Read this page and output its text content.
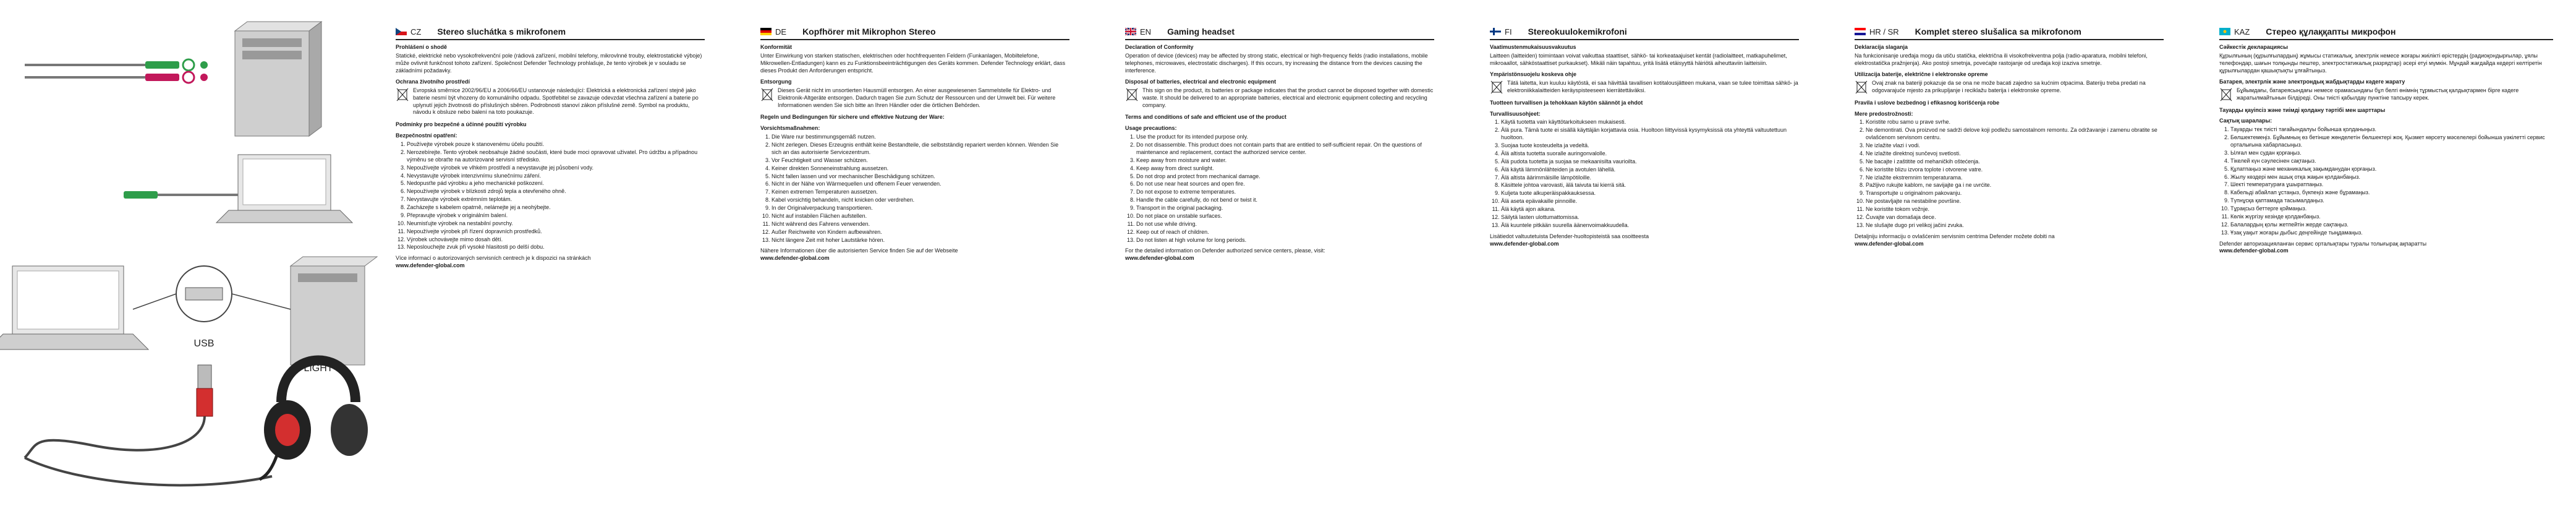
USB
LIGHT
CZ Stereo sluchátka s mikrofonem
Prohlášení o shodě
Statické, elektrické nebo vysokofrekvenční pole (rádiová zařízení, mobilní telefony, mikrovlnné trouby, elektrostatické výboje) může ovlivnit funkčnost tohoto zařízení. Společnost Defender Technology prohlašuje, že tento výrobek je v souladu se základními požadavky.
Ochrana životního prostředí
Evropská směrnice 2002/96/EU a 2006/66/EU ustanovuje následující: Elektrická a elektronická zařízení stejně jako baterie nesmí být vhozeny do komunálního odpadu. Spotřebitel se zavazuje odevzdat všechna zařízení a baterie po uplynutí jejich životnosti do příslušných sběren. Podrobnosti stanoví zákon příslušné země. Symbol na produktu, návodu k obsluze nebo balení na toto poukazuje.
Podmínky pro bezpečné a účinné použití výrobku
Bezpečnostní opatření:
1. Používejte výrobek pouze k stanovenému účelu použití.
2. Nerozebírejte. Tento výrobek neobsahuje žádné součásti, které bude moci opravovat uživatel. Pro údržbu a případnou výměnu se obraťte na autorizované servisní středisko.
3. Nepoužívejte výrobek ve vlhkém prostředí a nevystavujte jej působení vody.
4. Nevystavujte výrobek intenzivnímu slunečnímu záření.
5. Nedopusťte pád výrobku a jeho mechanické poškození.
6. Nepoužívejte výrobek v blízkosti zdrojů tepla a otevřeného ohně.
7. Nevystavujte výrobek extrémním teplotám.
8. Zacházejte s kabelem opatrně, nelámejte jej a neohýbejte.
9. Přepravujte výrobek v originálním balení.
10. Neumisťujte výrobek na nestabilní povrchy.
11. Nepoužívejte výrobek při řízení dopravních prostředků.
12. Výrobek uchovávejte mimo dosah dětí.
13. Neposlouchejte zvuk při vysoké hlasitosti po delší dobu.
Více informací o autorizovaných servisních centrech je k dispozici na stránkách
www.defender-global.com
DE Kopfhörer mit Mikrophon Stereo
Konformität
Unter Einwirkung von starken statischen, elektrischen oder hochfrequenten Feldern (Funkanlagen, Mobiltelefone, Mikrowellen-Entladungen) kann es zu Funktionsbeeinträchtigungen des Geräts kommen. Defender Technology erklärt, dass dieses Produkt den Anforderungen entspricht.
Entsorgung
Dieses Gerät nicht im unsortierten Hausmüll entsorgen. An einer ausgewiesenen Sammelstelle für Elektro- und Elektronik-Altgeräte entsorgen. Dadurch tragen Sie zum Schutz der Ressourcen und der Umwelt bei. Für weitere Informationen wenden Sie sich bitte an Ihren Händler oder die örtlichen Behörden.
Regeln und Bedingungen für sichere und effektive Nutzung der Ware:
Vorsichtsmaßnahmen:
1. Die Ware nur bestimmungsgemäß nutzen.
2. Nicht zerlegen. Dieses Erzeugnis enthält keine Bestandteile, die selbstständig repariert werden können. Wenden Sie sich an das autorisierte Servicezentrum.
3. Vor Feuchtigkeit und Wasser schützen.
4. Keiner direkten Sonneneinstrahlung aussetzen.
5. Nicht fallen lassen und vor mechanischer Beschädigung schützen.
6. Nicht in der Nähe von Wärmequellen und offenem Feuer verwenden.
7. Keinen extremen Temperaturen aussetzen.
8. Kabel vorsichtig behandeln, nicht knicken oder verdrehen.
9. In der Originalverpackung transportieren.
10. Nicht auf instabilen Flächen aufstellen.
11. Nicht während des Fahrens verwenden.
12. Außer Reichweite von Kindern aufbewahren.
13. Nicht längere Zeit mit hoher Lautstärke hören.
Nähere Informationen über die autorisierten Service finden Sie auf der Webseite
www.defender-global.com
EN Gaming headset
Declaration of Conformity
Operation of device (devices) may be affected by strong static, electrical or high-frequency fields (radio installations, mobile telephones, microwaves, electrostatic discharges). If this occurs, try increasing the distance from the devices causing the interference.
Disposal of batteries, electrical and electronic equipment
This sign on the product, its batteries or package indicates that the product cannot be disposed together with domestic waste. It should be delivered to an appropriate batteries, electrical and electronic equipment collecting and recycling company.
Terms and conditions of safe and efficient use of the product
Usage precautions:
1. Use the product for its intended purpose only.
2. Do not disassemble. This product does not contain parts that are entitled to self-sufficient repair. On the questions of maintenance and replacement, contact the authorized service center.
3. Keep away from moisture and water.
4. Keep away from direct sunlight.
5. Do not drop and protect from mechanical damage.
6. Do not use near heat sources and open fire.
7. Do not expose to extreme temperatures.
8. Handle the cable carefully, do not bend or twist it.
9. Transport in the original packaging.
10. Do not place on unstable surfaces.
11. Do not use while driving.
12. Keep out of reach of children.
13. Do not listen at high volume for long periods.
For the detailed information on Defender authorized service centers, please, visit:
www.defender-global.com
FI Stereokuulokemikrofoni
Vaatimustenmukaisuusvakuutus
Laitteen (laitteiden) toimintaan voivat vaikuttaa staattiset, sähkö- tai korkeataajuiset kentät (radiolaitteet, matkapuhelimet, mikroaallot, sähköstaattiset purkaukset). Mikäli näin tapahtuu, yritä lisätä etäisyyttä häiriötä aiheuttaviin laitteisiin.
Ympäristönsuojelu koskeva ohje
Tätä laitetta, kun kuuluu käytöstä, ei saa hävittää tavallisen kotitalousjätteen mukana, vaan se tulee toimittaa sähkö- ja elektroniikkalaitteiden keräyspisteeseen kierrätettäväksi.
Tuotteen turvallisen ja tehokkaan käytön säännöt ja ehdot
Turvallisuusohjeet:
1. Käytä tuotetta vain käyttötarkoitukseen mukaisesti.
2. Älä pura. Tämä tuote ei sisällä käyttäjän korjattavia osia. Huoltoon liittyvissä kysymyksissä ota yhteyttä valtuutettuun huoltoon.
3. Suojaa tuote kosteudelta ja vedeltä.
4. Älä altista tuotetta suoralle auringonvalolle.
5. Älä pudota tuotetta ja suojaa se mekaanisilta vaurioilta.
6. Älä käytä lämmönlähteiden ja avotulen lähellä.
7. Älä altista äärimmäisille lämpötiloille.
8. Käsittele johtoa varovasti, älä taivuta tai kierrä sitä.
9. Kuljeta tuote alkuperäispakkauksessa.
10. Älä aseta epävakaille pinnoille.
11. Älä käytä ajon aikana.
12. Säilytä lasten ulottumattomissa.
13. Älä kuuntele pitkään suurella äänenvoimakkuudella.
Lisätiedot valtuutetuista Defender-huoltopisteistä saa osoitteesta
www.defender-global.com
HR / SR Komplet stereo slušalica sa mikrofonom
Deklaracija slaganja
Na funkcionisanje uređaja mogu da utiču statička, električna ili visokofrekventna polja (radio-aparatura, mobilni telefoni, elektrostatička pražnjenja). Ako postoji smetnja, povećajte rastojanje od uređaja koji izaziva smetnje.
Utilizacija baterije, električne i elektronske opreme
Ovaj znak na bateriji pokazuje da se ona ne može bacati zajedno sa kućnim otpacima. Bateriju treba predati na odgovarajuće mjesto za prikupljanje i reciklažu baterija i elektronske opreme.
Pravila i uslove bezbednog i efikasnog korišćenja robe
Mere predostrožnosti:
1. Koristite robu samo u prave svrhe.
2. Ne demontirati. Ova proizvod ne sadrži delove koji podležu samostalnom remontu. Za održavanje i zamenu obratite se ovlašćenom servisnom centru.
3. Ne izlažite vlazi i vodi.
4. Ne izlažite direktnoj sunčevoj svetlosti.
5. Ne bacajte i zaštitite od mehaničkih oštećenja.
6. Ne koristite blizu izvora toplote i otvorene vatre.
7. Ne izlažite ekstremnim temperaturama.
8. Pažljivo rukujte kablom, ne savijajte ga i ne uvrćite.
9. Transportujte u originalnom pakovanju.
10. Ne postavljajte na nestabilne površine.
11. Ne koristite tokom vožnje.
12. Čuvajte van domašaja dece.
13. Ne slušajte dugo pri velikoj jačini zvuka.
Detaljniju informaciju o ovlašćenim servisnim centrima Defender možete dobiti na
www.defender-global.com
KAZ Стерео құлаққапты микрофон
Сәйкестік декларациясы
Құрылғының (құрылғылардың) жұмысы статикалық, электрлік немесе жоғары жиілікті өрістердің (радиоқондырғылар, ұялы телефондар, шағын толқынды пештер, электростатикалық разрядтар) әсері етуі мүмкін. Мұндай жағдайда кедергі келтіретін құрылғылардан қашықтықты ұлғайтыңыз.
Батарея, электрлік және электрондық жабдықтарды кәдеге жарату
Бұйымдағы, батареясындағы немесе орамасындағы бұл белгі өнімнің тұрмыстық қалдықтармен бірге кәдеге жаратылмайтынын білдіреді. Оны тиісті қабылдау пунктіне тапсыру керек.
Тауарды қауіпсіз және тиімді қолдану тәртібі мен шарттары
Сақтық шаралары:
1. Тауарды тек тиісті тағайындалуы бойынша қолданыңыз.
2. Бөлшектемеңіз. Бұйымның өз бетінше жөнделетін бөлшектері жоқ. Қызмет көрсету мәселелері бойынша уәкілетті сервис орталығына хабарласыңыз.
3. Ылғал мен судан қорғаңыз.
4. Тікелей күн сәулесінен сақтаңыз.
5. Құлатпаңыз және механикалық зақымданудан қорғаңыз.
6. Жылу көздері мен ашық отқа жақын қолданбаңыз.
7. Шекті температураға ұшыратпаңыз.
8. Кабельді абайлап ұстаңыз, бүкпеңіз және бұрамаңыз.
9. Түпнұсқа қаптамада тасымалдаңыз.
10. Тұрақсыз беттерге қоймаңыз.
11. Көлік жүргізу кезінде қолданбаңыз.
12. Балалардың қолы жетпейтін жерде сақтаңыз.
13. Ұзақ уақыт жоғары дыбыс деңгейінде тыңдамаңыз.
Defender авторизацияланған сервис орталықтары туралы толығырақ ақпаратты
www.defender-global.com
